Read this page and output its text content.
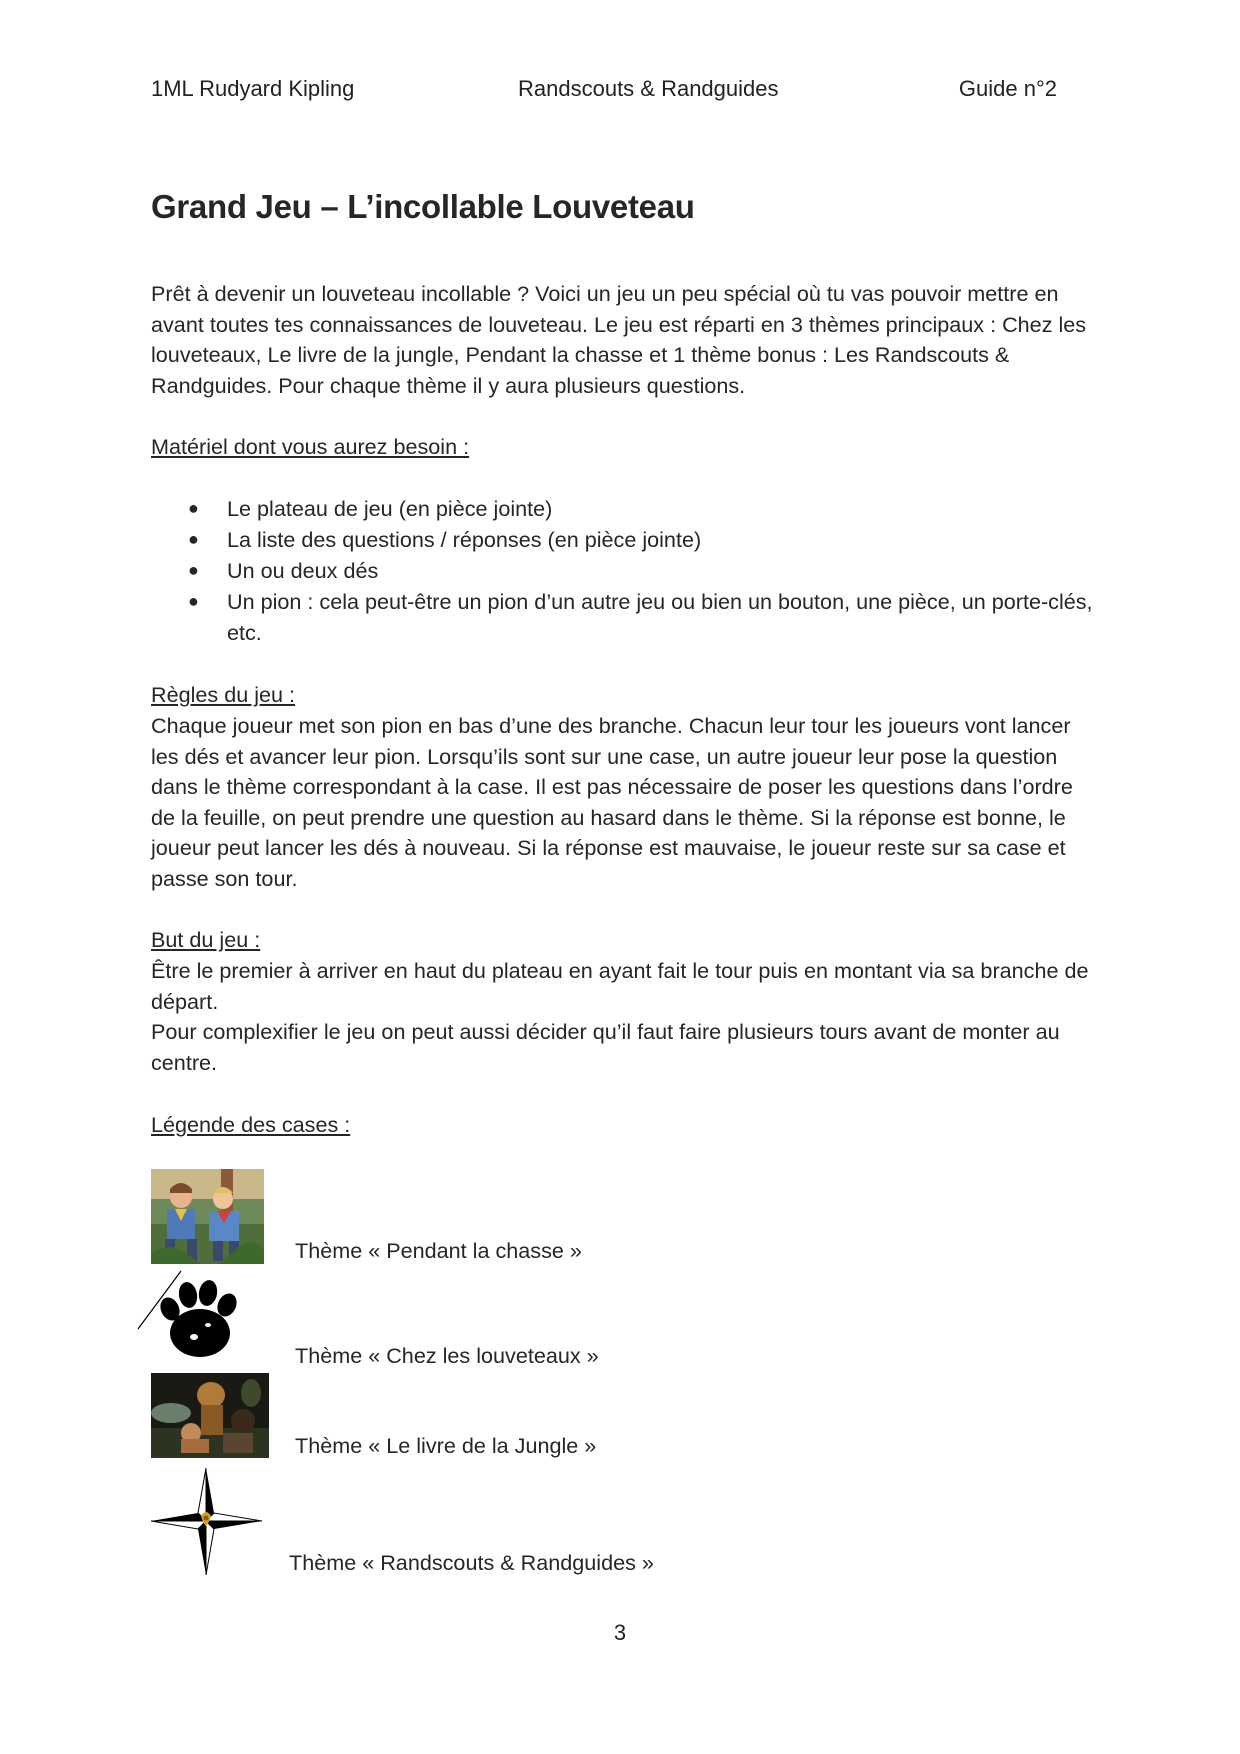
1ML Rudyard Kipling	Randscouts & Randguides	Guide n°2
Grand Jeu – L’incollable Louveteau
Prêt à devenir un louveteau incollable ? Voici un jeu un peu spécial où tu vas pouvoir mettre en avant toutes tes connaissances de louveteau. Le jeu est réparti en 3 thèmes principaux : Chez les louveteaux, Le livre de la jungle, Pendant la chasse et 1 thème bonus : Les Randscouts & Randguides. Pour chaque thème il y aura plusieurs questions.
Matériel dont vous aurez besoin :
● Le plateau de jeu (en pièce jointe)
● La liste des questions / réponses (en pièce jointe)
● Un ou deux dés
● Un pion : cela peut-être un pion d’un autre jeu ou bien un bouton, une pièce, un porte-clés, etc.
Règles du jeu :
Chaque joueur met son pion en bas d’une des branche. Chacun leur tour les joueurs vont lancer les dés et avancer leur pion. Lorsqu’ils sont sur une case, un autre joueur leur pose la question dans le thème correspondant à la case. Il est pas nécessaire de poser les questions dans l’ordre de la feuille, on peut prendre une question au hasard dans le thème. Si la réponse est bonne, le joueur peut lancer les dés à nouveau. Si la réponse est mauvaise, le joueur reste sur sa case et passe son tour.
But du jeu :
Être le premier à arriver en haut du plateau en ayant fait le tour puis en montant via sa branche de départ.
Pour complexifier le jeu on peut aussi décider qu’il faut faire plusieurs tours avant de monter au centre.
Légende des cases :
Thème « Pendant la chasse »
Thème « Chez les louveteaux »
Thème « Le livre de la Jungle »
Thème « Randscouts & Randguides »
3
